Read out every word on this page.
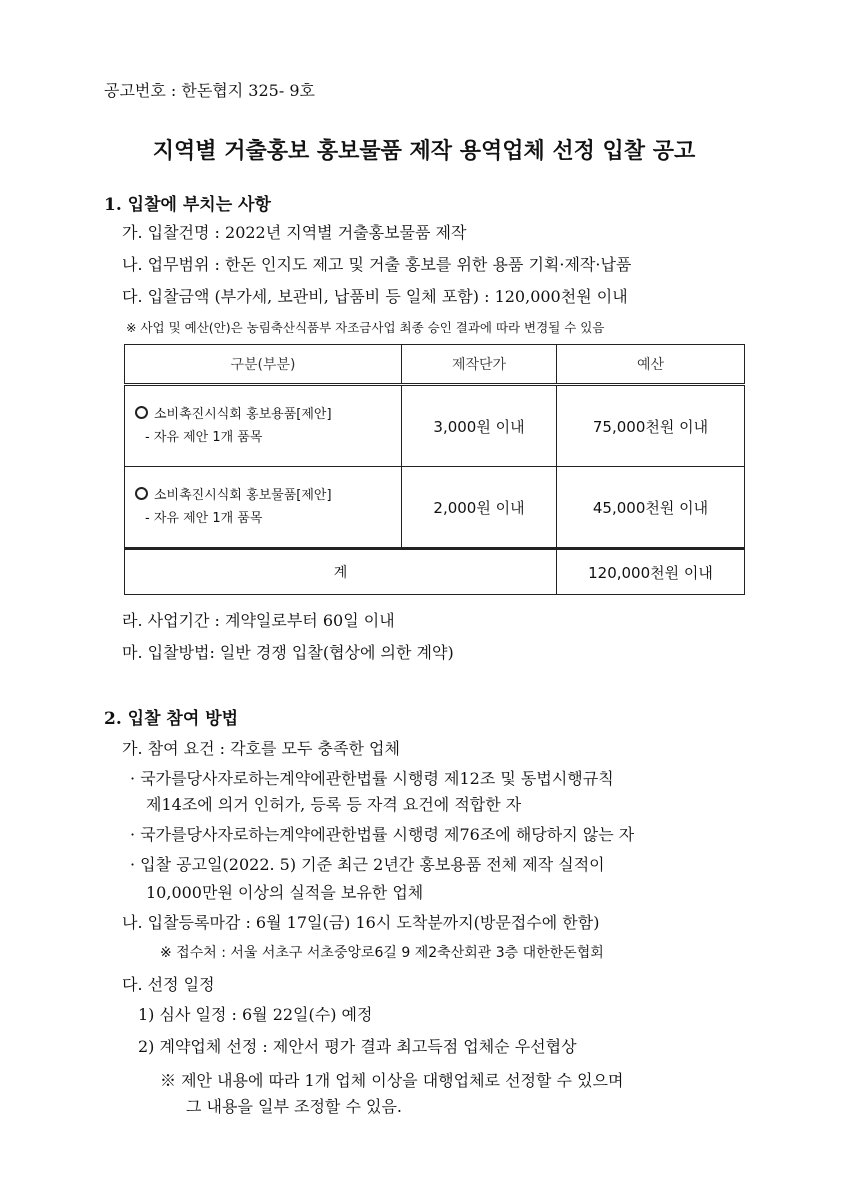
공고번호 : 한돈협지 325- 9호
지역별 거출홍보 홍보물품 제작 용역업체 선정 입찰 공고
1. 입찰에 부치는 사항
가. 입찰건명 : 2022년 지역별 거출홍보물품 제작
나. 업무범위 : 한돈 인지도 제고 및 거출 홍보를 위한 용품 기획·제작·납품
다. 입찰금액 (부가세, 보관비, 납품비 등 일체 포함) : 120,000천원 이내
※ 사업 및 예산(안)은 농림축산식품부 자조금사업 최종 승인 결과에 따라 변경될 수 있음
구분(부분)	제작단가	예산

소비촉진시식회 홍보용품[제안]
- 자유 제안 1개 품목	3,000원 이내	75,000천원 이내

소비촉진시식회 홍보물품[제안]
- 자유 제안 1개 품목	2,000원 이내	45,000천원 이내
계		120,000천원 이내
라. 사업기간 : 계약일로부터 60일 이내
마. 입찰방법: 일반 경쟁 입찰(협상에 의한 계약)
2. 입찰 참여 방법
가. 참여 요건 : 각호를 모두 충족한 업체
· 국가를당사자로하는계약에관한법률 시행령 제12조 및 동법시행규칙
제14조에 의거 인허가, 등록 등 자격 요건에 적합한 자
· 국가를당사자로하는계약에관한법률 시행령 제76조에 해당하지 않는 자
· 입찰 공고일(2022. 5) 기준 최근 2년간 홍보용품 전체 제작 실적이
10,000만원 이상의 실적을 보유한 업체
나. 입찰등록마감 : 6월 17일(금) 16시 도착분까지(방문접수에 한함)
※ 접수처 : 서울 서초구 서초중앙로6길 9 제2축산회관 3층 대한한돈협회
다. 선정 일정
1) 심사 일정 : 6월 22일(수) 예정
2) 계약업체 선정 : 제안서 평가 결과 최고득점 업체순 우선협상
※ 제안 내용에 따라 1개 업체 이상을 대행업체로 선정할 수 있으며
그 내용을 일부 조정할 수 있음.
